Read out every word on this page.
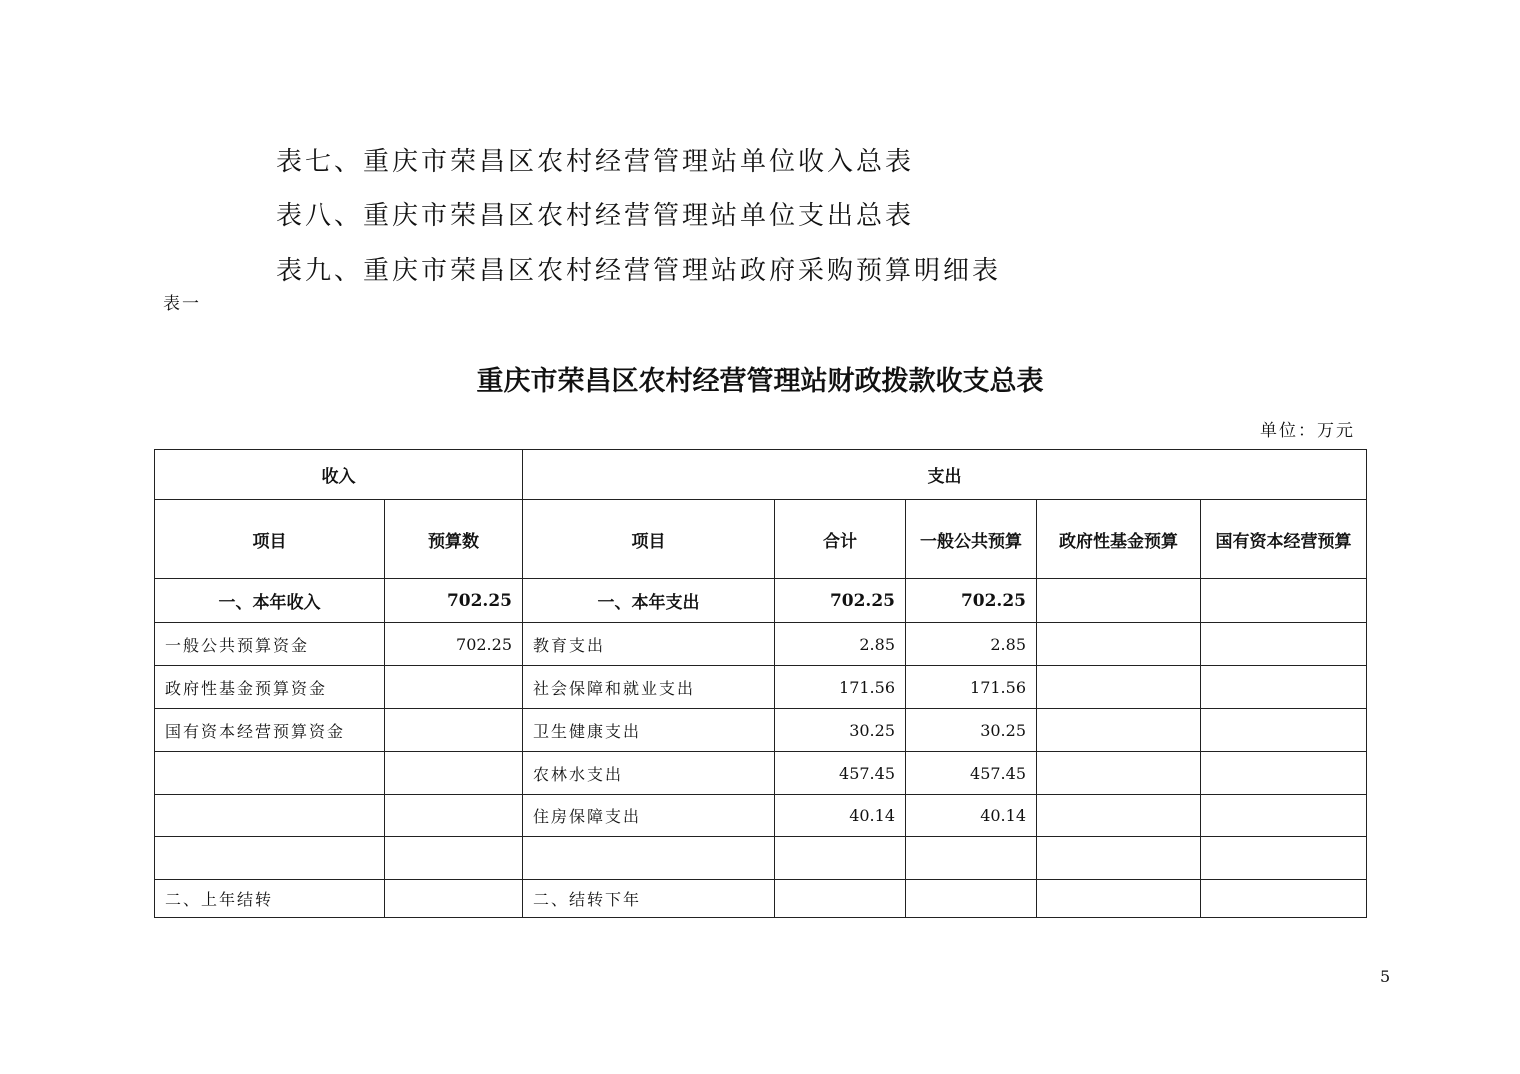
表七、重庆市荣昌区农村经营管理站单位收入总表
表八、重庆市荣昌区农村经营管理站单位支出总表
表九、重庆市荣昌区农村经营管理站政府采购预算明细表
表一
重庆市荣昌区农村经营管理站财政拨款收支总表
单位：万元
收入		支出				
项目	预算数	项目	合计	一般公共预算	政府性基金预算	国有资本经营预算
一、本年收入	702.25	一、本年支出	702.25	702.25		
一般公共预算资金	702.25	教育支出	2.85	2.85		
政府性基金预算资金		社会保障和就业支出	171.56	171.56		
国有资本经营预算资金		卫生健康支出	30.25	30.25		
		农林水支出	457.45	457.45		
		住房保障支出	40.14	40.14		

二、上年结转		二、结转下年				
5
